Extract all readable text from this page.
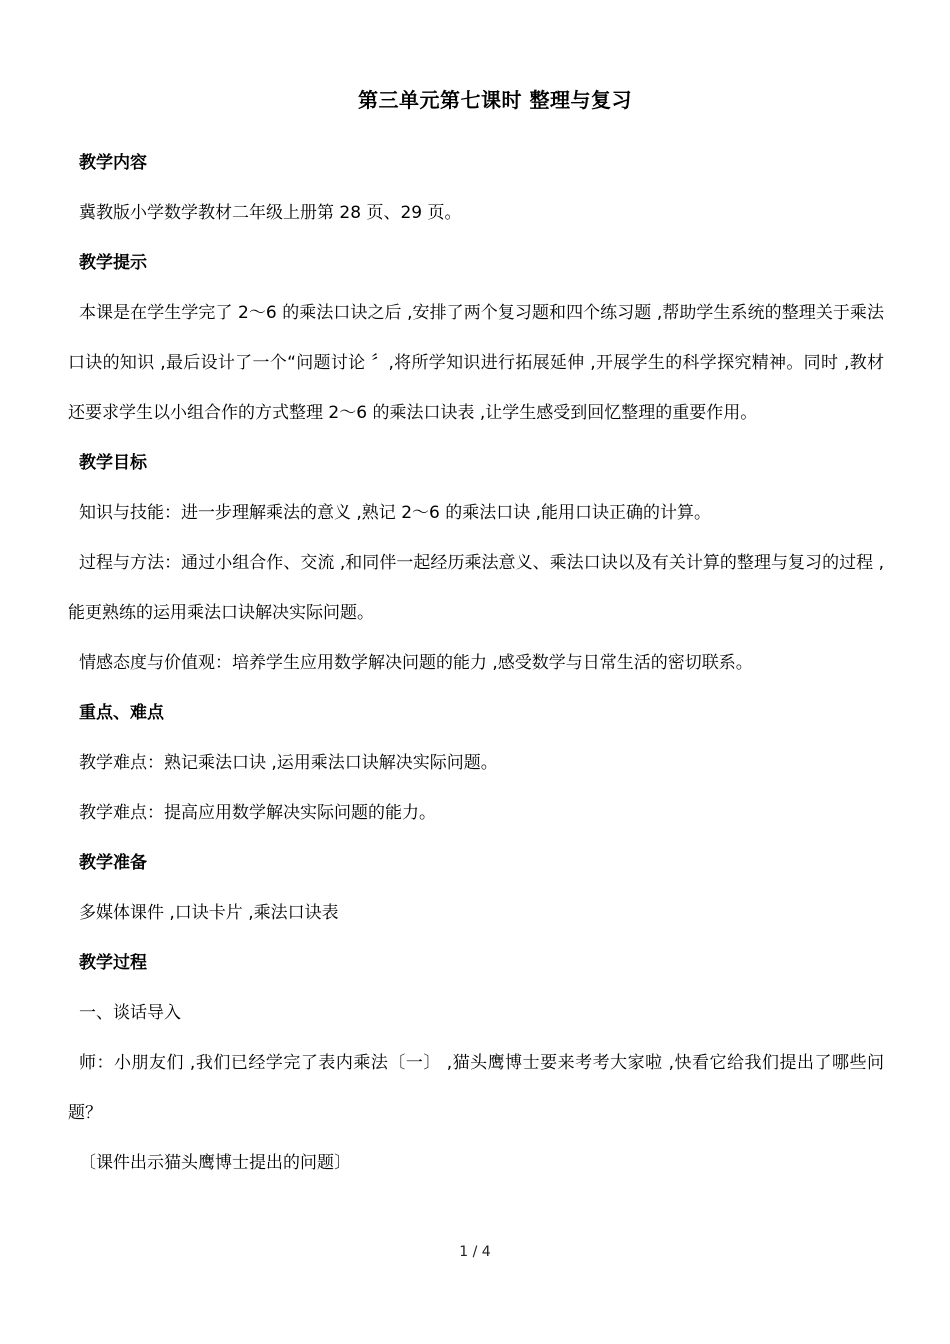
第三单元第七课时 整理与复习

教学内容

冀教版小学数学教材二年级上册第 28 页、29 页。

教学提示

本课是在学生学完了 2～6 的乘法口诀之后 ,安排了两个复习题和四个练习题 ,帮助学生系统的整理关于乘法口诀的知识 ,最后设计了一个“问题讨论 〞,将所学知识进行拓展延伸 ,开展学生的科学探究精神。同时 ,教材还要求学生以小组合作的方式整理 2～6 的乘法口诀表 ,让学生感受到回忆整理的重要作用。

教学目标

知识与技能：进一步理解乘法的意义 ,熟记 2～6 的乘法口诀 ,能用口诀正确的计算。

过程与方法：通过小组合作、交流 ,和同伴一起经历乘法意义、乘法口诀以及有关计算的整理与复习的过程 ,能更熟练的运用乘法口诀解决实际问题。

情感态度与价值观：培养学生应用数学解决问题的能力 ,感受数学与日常生活的密切联系。

重点、难点

教学难点：熟记乘法口诀 ,运用乘法口诀解决实际问题。

教学难点：提高应用数学解决实际问题的能力。

教学准备

多媒体课件 ,口诀卡片 ,乘法口诀表

教学过程

一、谈话导入

师：小朋友们 ,我们已经学完了表内乘法〔一〕 ,猫头鹰博士要来考考大家啦 ,快看它给我们提出了哪些问题？

〔课件出示猫头鹰博士提出的问题〕

1 / 4
